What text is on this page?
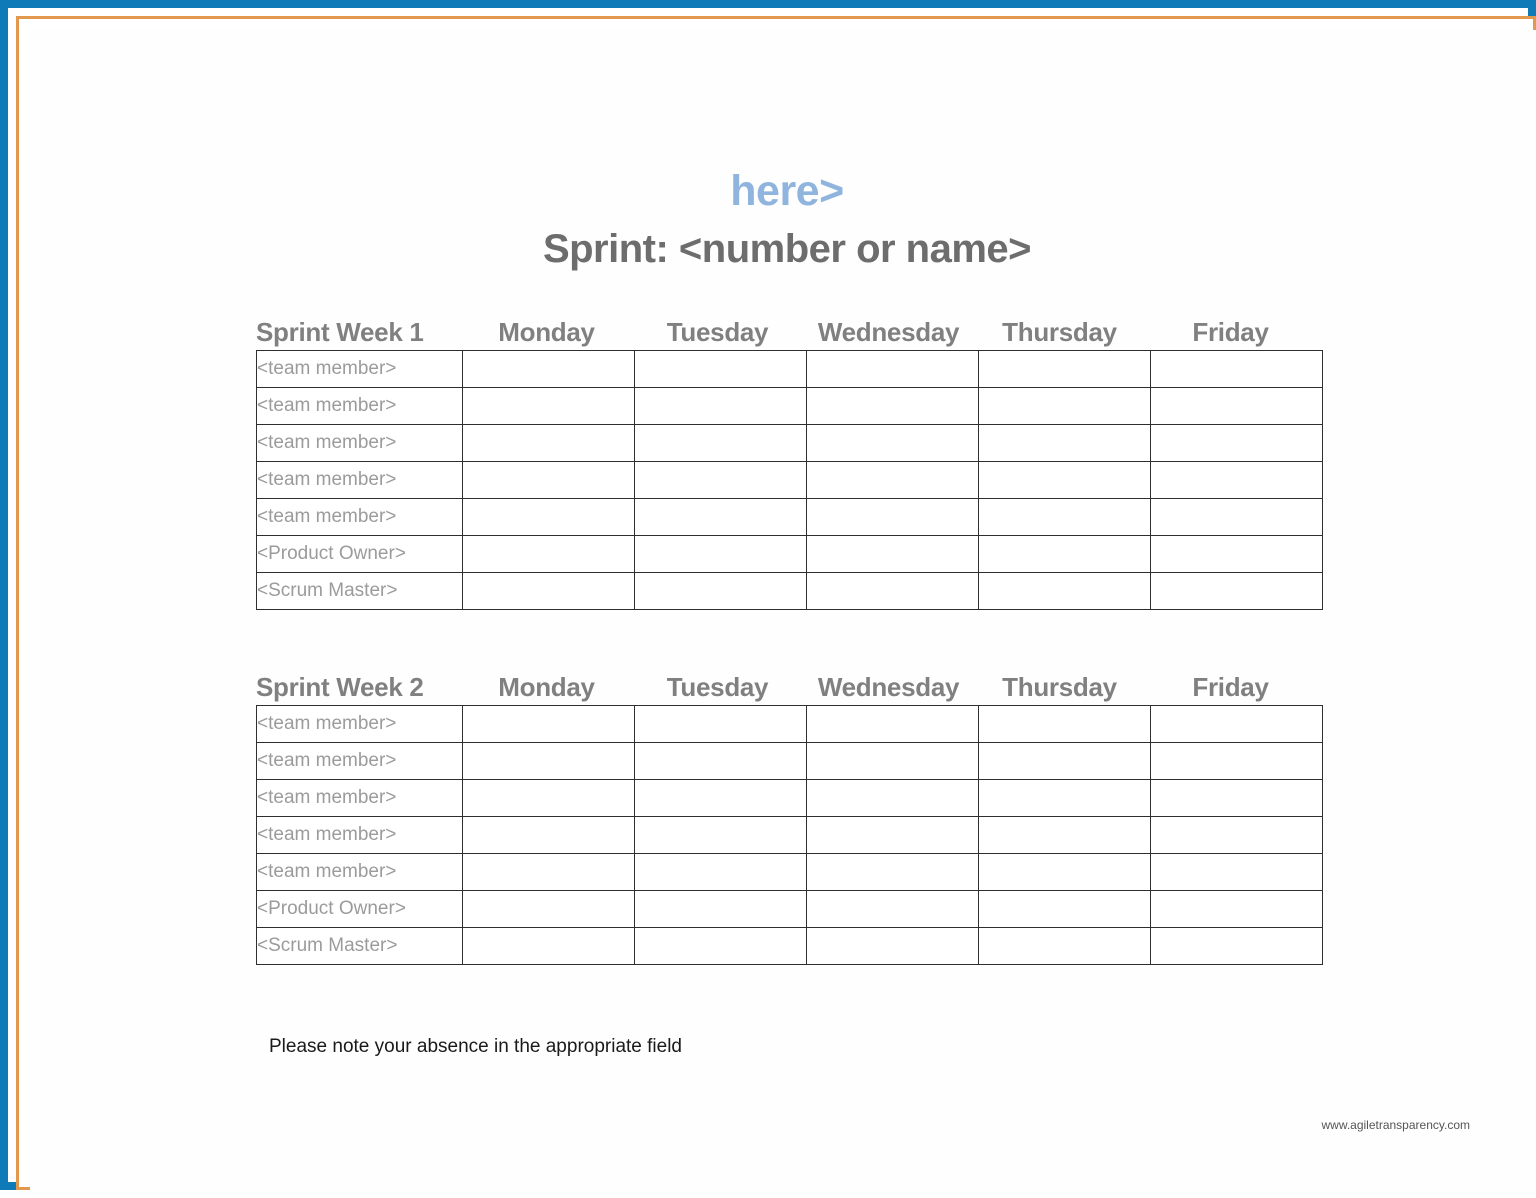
here>
Sprint: <number or name>
Sprint Week 1	Monday	Tuesday	Wednesday	Thursday	Friday
<team member>					
<team member>					
<team member>					
<team member>					
<team member>					
<Product Owner>					
<Scrum Master>					
Sprint Week 2	Monday	Tuesday	Wednesday	Thursday	Friday
<team member>					
<team member>					
<team member>					
<team member>					
<team member>					
<Product Owner>					
<Scrum Master>					
Please note your absence in the appropriate field
www.agiletransparency.com
